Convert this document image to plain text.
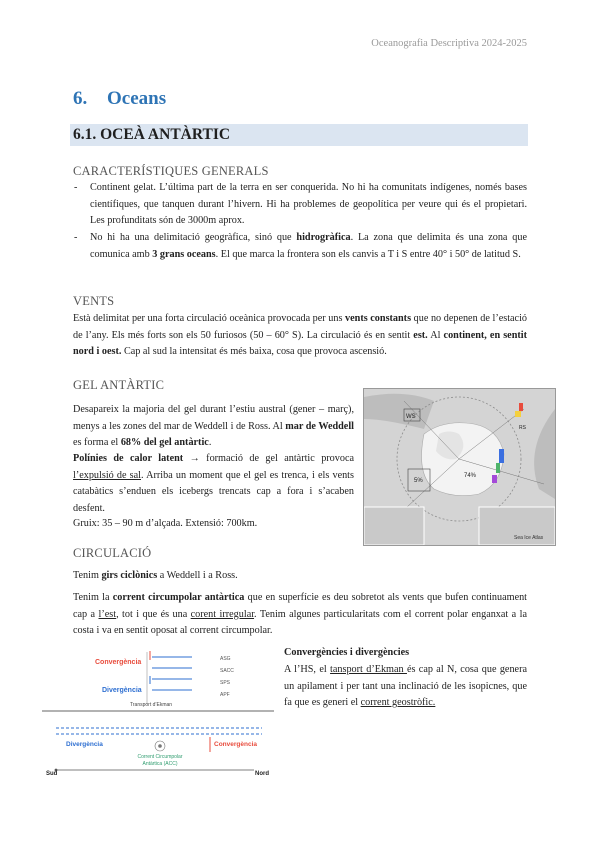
Oceanografia Descriptiva 2024-2025
6. Oceans
6.1. OCEÀ ANTÀRTIC
CARACTERÍSTIQUES GENERALS
- Continent gelat. L’última part de la terra en ser conquerida. No hi ha comunitats indígenes, només bases científiques, que tanquen durant l’hivern. Hi ha problemes de geopolítica per veure qui és el propietari. Les profunditats són de 3000m aprox.
- No hi ha una delimitació geogràfica, sinó que hidrogràfica. La zona que delimita és una zona que comunica amb 3 grans oceans. El que marca la frontera son els canvis a T i S entre 40° i 50° de latitud S.
VENTS
Està delimitat per una forta circulació oceànica provocada per uns vents constants que no depenen de l’estació de l’any. Els més forts son els 50 furiosos (50 – 60° S). La circulació és en sentit est. Al continent, en sentit nord i oest. Cap al sud la intensitat és més baixa, cosa que provoca ascensió.
GEL ANTÀRTIC
Desapareix la majoria del gel durant l’estiu austral (gener – març), menys a les zones del mar de Weddell i de Ross. Al mar de Weddell es forma el 68% del gel antàrtic.
Polínies de calor latent → formació de gel antàrtic provoca l’expulsió de sal. Arriba un moment que el gel es trenca, i els vents catabàtics s’enduen els icebergs trencats cap a fora i s’acaben desfent.
Gruix: 35 – 90 m d’alçada. Extensió: 700km.
WS
74%
5%
RS
Sea Ice Atlas
CIRCULACIÓ
Tenim girs ciclònics a Weddell i a Ross.
Tenim la corrent circumpolar antàrtica que en superfície es deu sobretot als vents que bufen continuament cap a l’est, tot i que és una corent irregular. Tenim algunes particularitats com el corrent polar enganxat a la costa i va en sentit oposat al corrent circumpolar.
Convergències i divergències
A l’HS, el tansport d’Ekman és cap al N, cosa que genera un apilament i per tant una inclinació de les isopicnes, que fa que es generi el corrent geostròfic.
Convergència
Divergència
ASG
SACC
SPS
APF
Transport d’Ekman
Divergència	Convergència
Corrent Circumpolar
Antàrtica (ACC)
Sud	Nord
